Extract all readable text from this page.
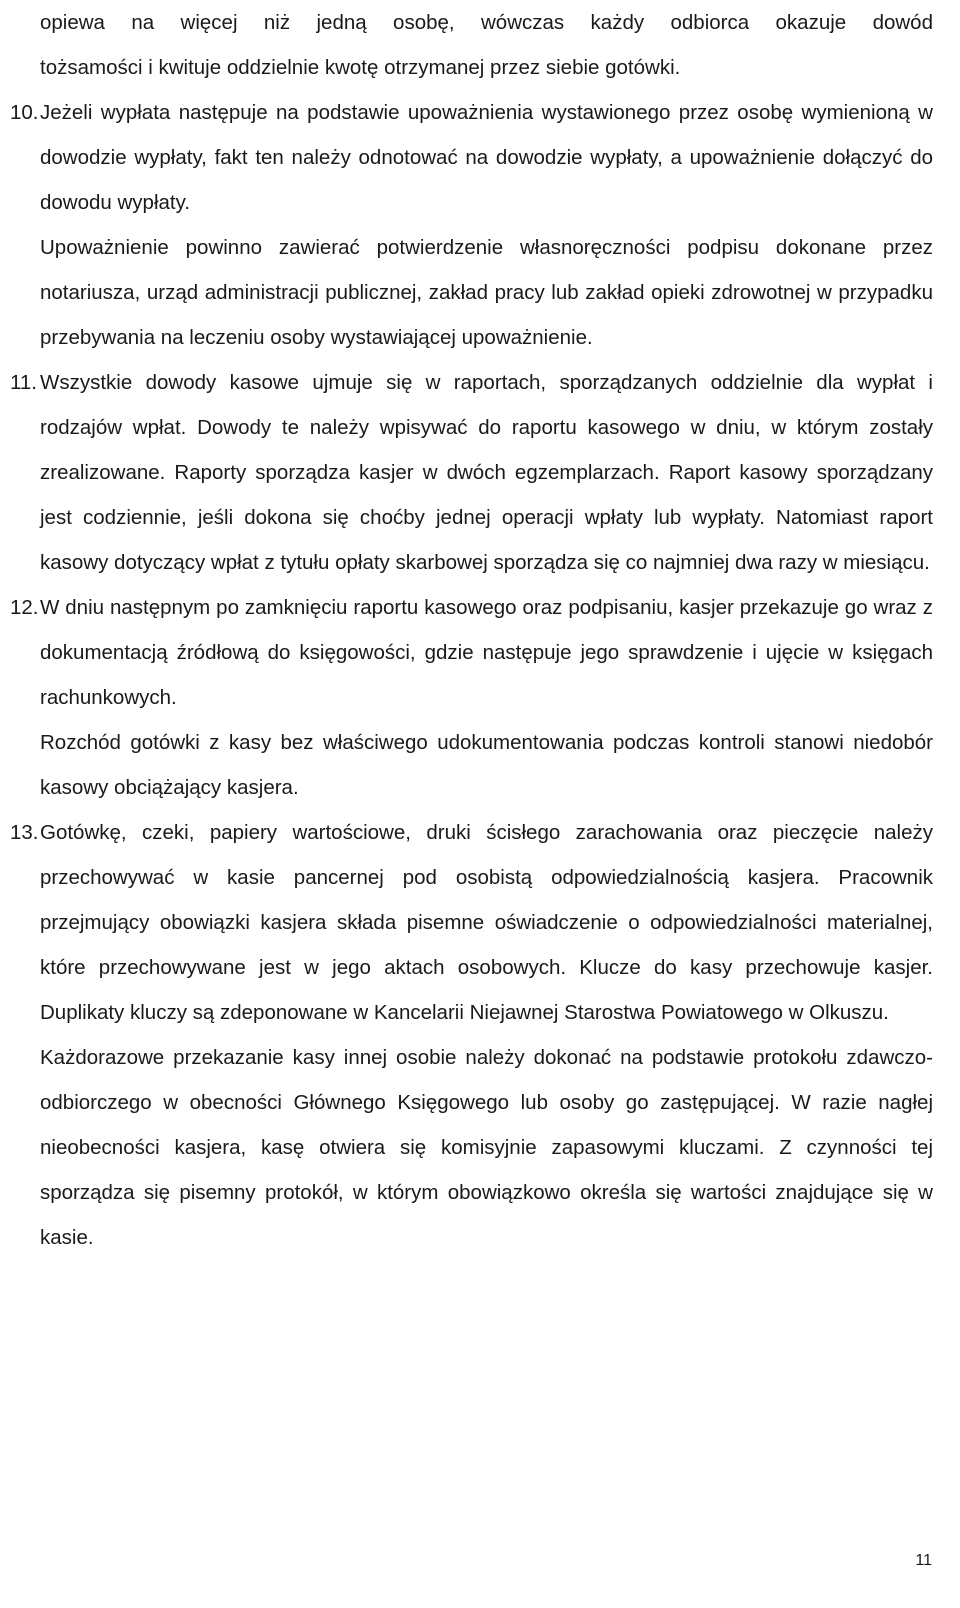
opiewa na więcej niż jedną osobę, wówczas każdy odbiorca okazuje dowód

tożsamości i kwituje oddzielnie kwotę otrzymanej przez siebie gotówki.

10. Jeżeli wypłata następuje na podstawie upoważnienia wystawionego przez osobę wymienioną w dowodzie wypłaty, fakt ten należy odnotować na dowodzie wypłaty, a upoważnienie dołączyć do dowodu wypłaty.

Upoważnienie powinno zawierać potwierdzenie własnoręczności podpisu dokonane przez notariusza, urząd administracji publicznej, zakład pracy lub zakład opieki zdrowotnej w przypadku przebywania na leczeniu osoby wystawiającej upoważnienie.

11. Wszystkie dowody kasowe ujmuje się w raportach, sporządzanych oddzielnie dla wypłat i rodzajów wpłat. Dowody te należy wpisywać do raportu kasowego w dniu, w którym zostały zrealizowane. Raporty sporządza kasjer w dwóch egzemplarzach. Raport kasowy sporządzany jest codziennie, jeśli dokona się choćby jednej operacji wpłaty lub wypłaty. Natomiast raport kasowy dotyczący wpłat z tytułu opłaty skarbowej sporządza się co najmniej dwa razy w miesiącu.

12. W dniu następnym po zamknięciu raportu kasowego oraz podpisaniu, kasjer przekazuje go wraz z dokumentacją źródłową do księgowości, gdzie następuje jego sprawdzenie i ujęcie w księgach rachunkowych.

Rozchód gotówki z kasy bez właściwego udokumentowania podczas kontroli stanowi niedobór kasowy obciążający kasjera.

13. Gotówkę, czeki, papiery wartościowe, druki ścisłego zarachowania oraz pieczęcie należy przechowywać w kasie pancernej pod osobistą odpowiedzialnością kasjera. Pracownik przejmujący obowiązki kasjera składa pisemne oświadczenie o odpowiedzialności materialnej, które przechowywane jest w jego aktach osobowych. Klucze do kasy przechowuje kasjer. Duplikaty kluczy są zdeponowane w Kancelarii Niejawnej Starostwa Powiatowego w Olkuszu.

Każdorazowe przekazanie kasy innej osobie należy dokonać na podstawie protokołu zdawczo-odbiorczego w obecności Głównego Księgowego lub osoby go zastępującej. W razie nagłej nieobecności kasjera, kasę otwiera się komisyjnie zapasowymi kluczami. Z czynności tej sporządza się pisemny protokół, w którym obowiązkowo określa się wartości znajdujące się w kasie.

11
